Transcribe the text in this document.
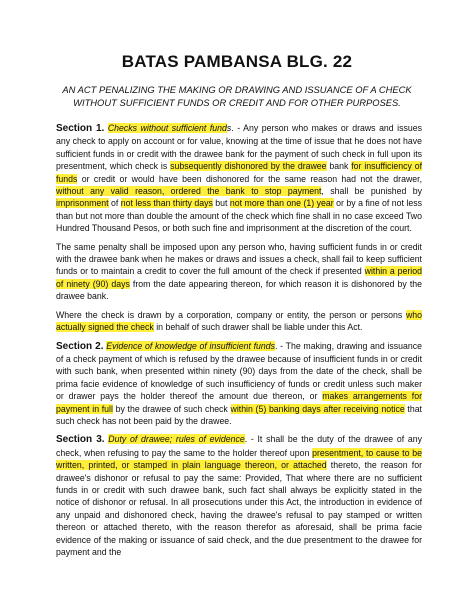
BATAS PAMBANSA BLG. 22
AN ACT PENALIZING THE MAKING OR DRAWING AND ISSUANCE OF A CHECK
WITHOUT SUFFICIENT FUNDS OR CREDIT AND FOR OTHER PURPOSES.

Section 1. Checks without sufficient funds. - Any person who makes or draws and issues any check to apply on account or for value, knowing at the time of issue that he does not have sufficient funds in or credit with the drawee bank for the payment of such check in full upon its presentment, which check is subsequently dishonored by the drawee bank for insufficiency of funds or credit or would have been dishonored for the same reason had not the drawer, without any valid reason, ordered the bank to stop payment, shall be punished by imprisonment of not less than thirty days but not more than one (1) year or by a fine of not less than but not more than double the amount of the check which fine shall in no case exceed Two Hundred Thousand Pesos, or both such fine and imprisonment at the discretion of the court.

The same penalty shall be imposed upon any person who, having sufficient funds in or credit with the drawee bank when he makes or draws and issues a check, shall fail to keep sufficient funds or to maintain a credit to cover the full amount of the check if presented within a period of ninety (90) days from the date appearing thereon, for which reason it is dishonored by the drawee bank.

Where the check is drawn by a corporation, company or entity, the person or persons who actually signed the check in behalf of such drawer shall be liable under this Act.

Section 2. Evidence of knowledge of insufficient funds. - The making, drawing and issuance of a check payment of which is refused by the drawee because of insufficient funds in or credit with such bank, when presented within ninety (90) days from the date of the check, shall be prima facie evidence of knowledge of such insufficiency of funds or credit unless such maker or drawer pays the holder thereof the amount due thereon, or makes arrangements for payment in full by the drawee of such check within (5) banking days after receiving notice that such check has not been paid by the drawee.

Section 3. Duty of drawee; rules of evidence. - It shall be the duty of the drawee of any check, when refusing to pay the same to the holder thereof upon presentment, to cause to be written, printed, or stamped in plain language thereon, or attached thereto, the reason for drawee's dishonor or refusal to pay the same: Provided, That where there are no sufficient funds in or credit with such drawee bank, such fact shall always be explicitly stated in the notice of dishonor or refusal. In all prosecutions under this Act, the introduction in evidence of any unpaid and dishonored check, having the drawee's refusal to pay stamped or written thereon or attached thereto, with the reason therefor as aforesaid, shall be prima facie evidence of the making or issuance of said check, and the due presentment to the drawee for payment and the
